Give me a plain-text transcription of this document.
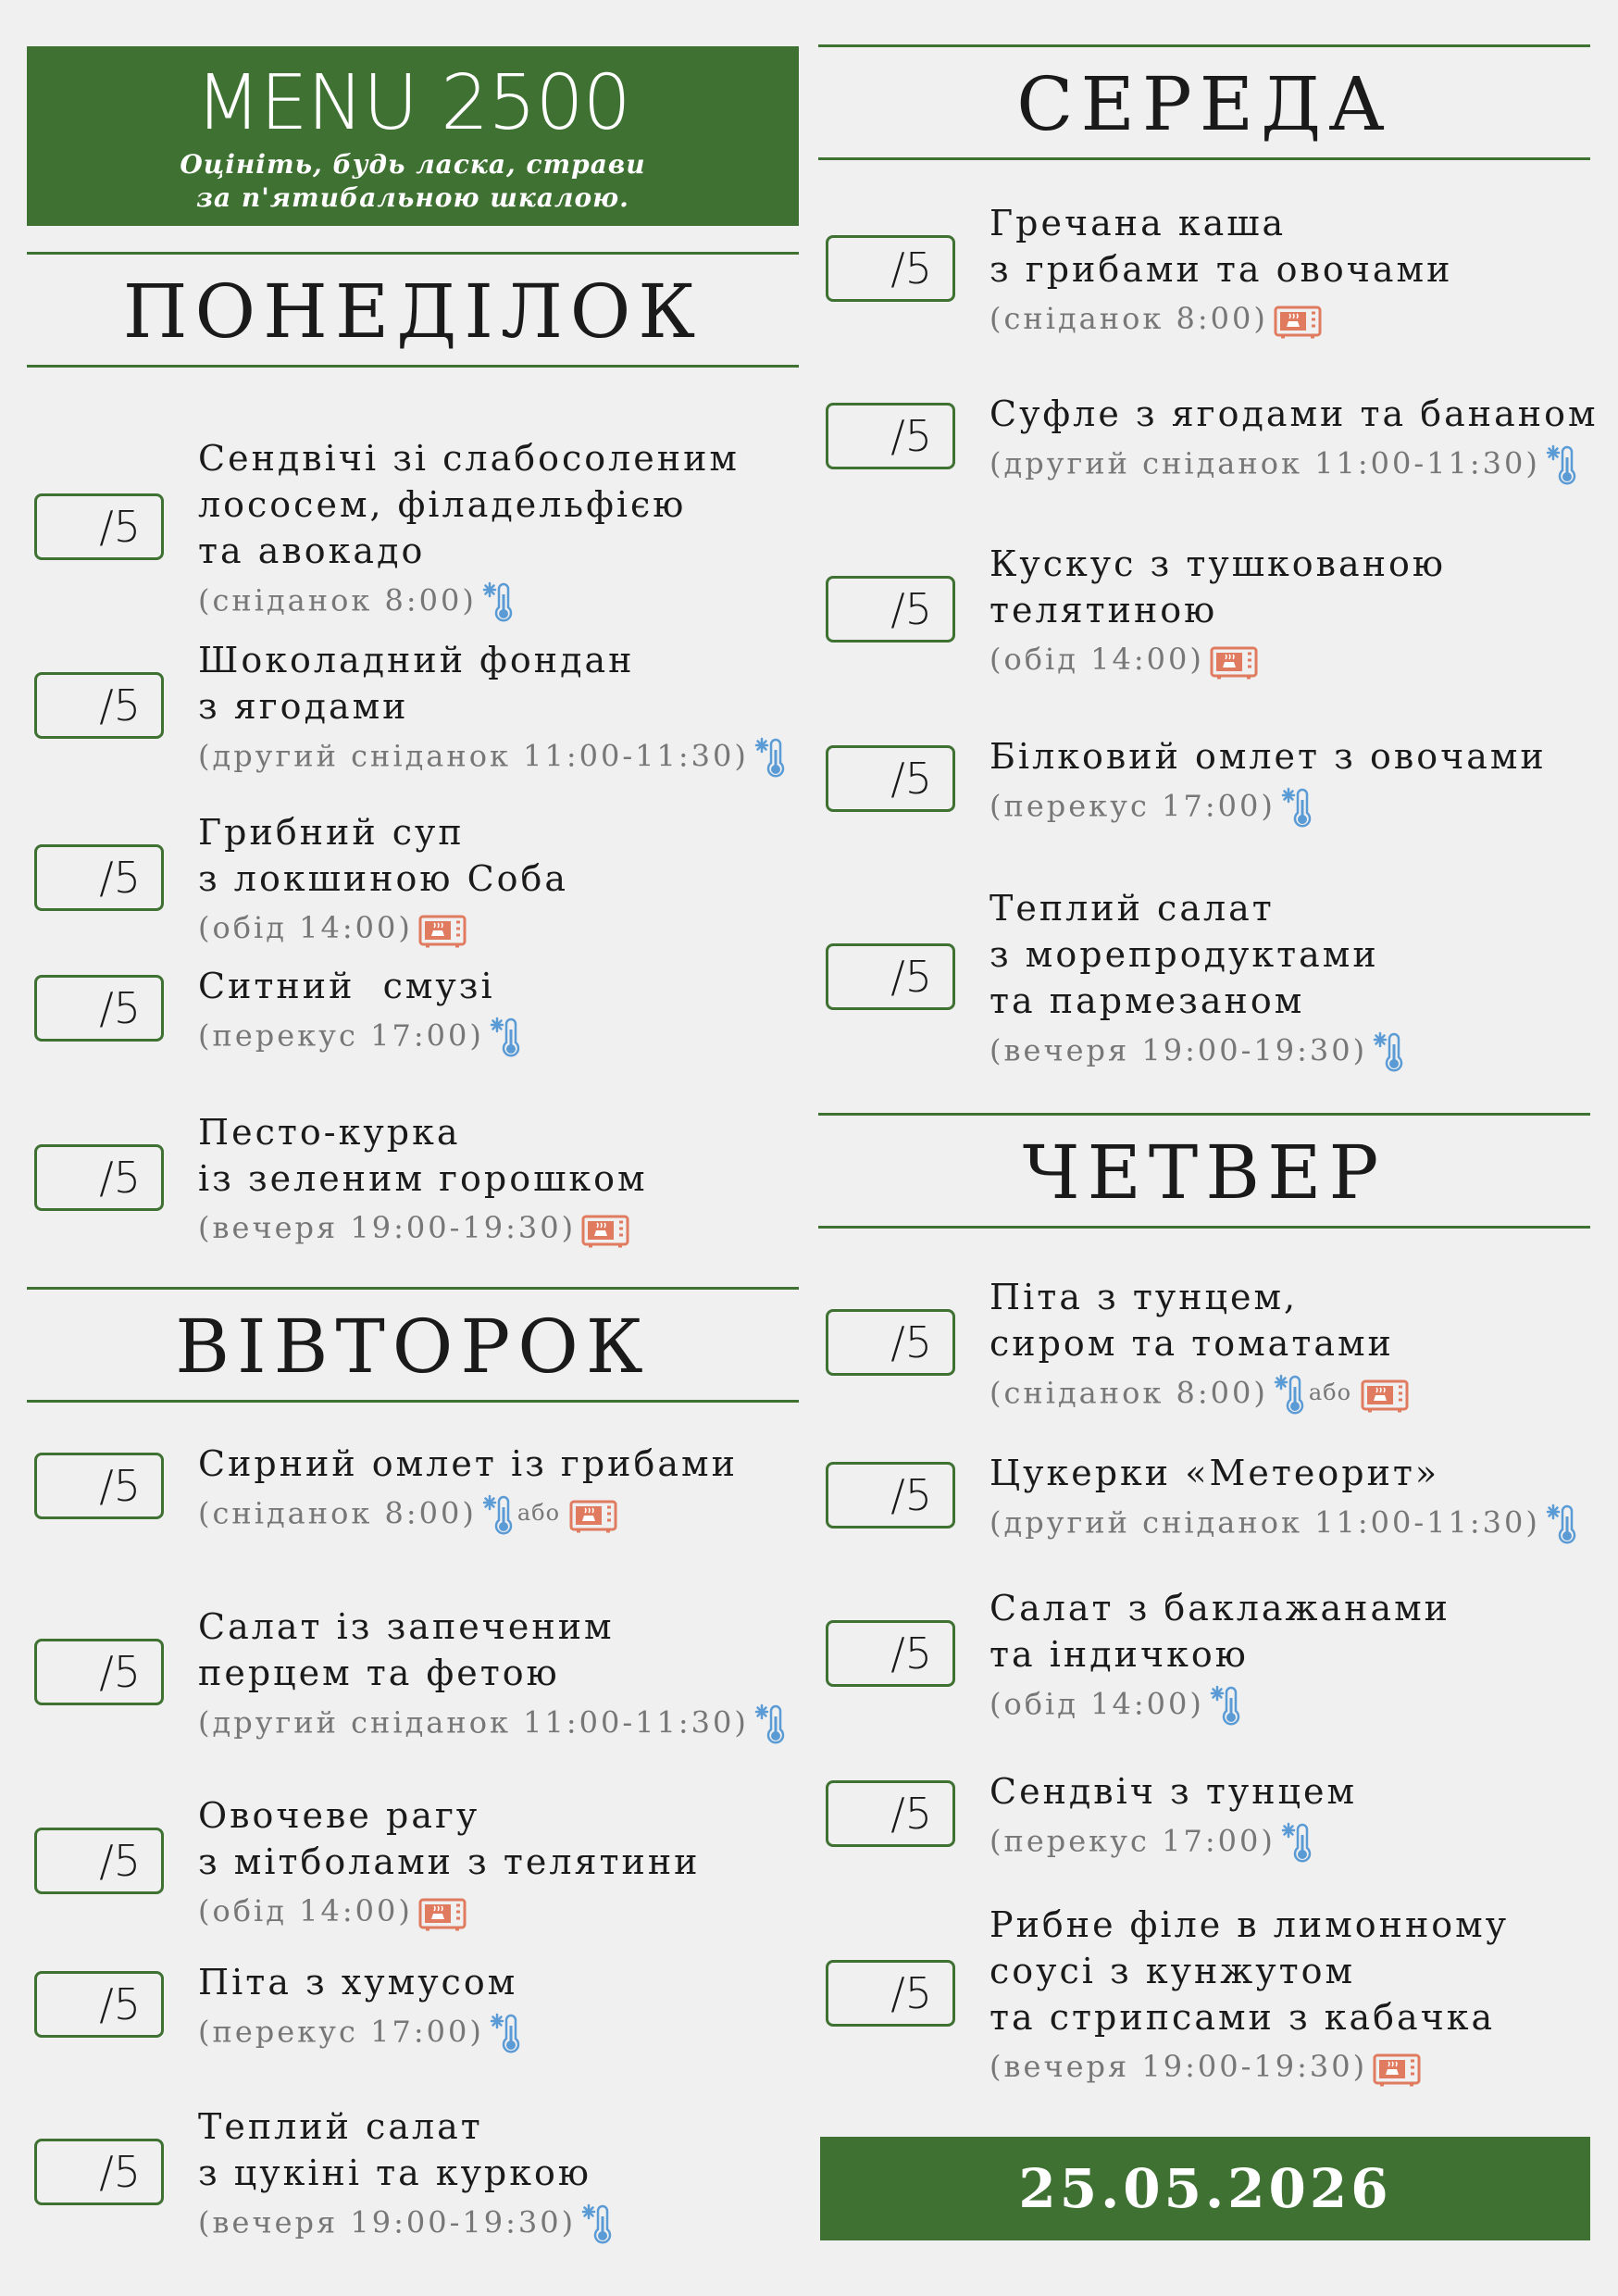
MENU 2500
Оцініть, будь ласка, страви
за п'ятибальною шкалою.
ПОНЕДІЛОК
ВІВТОРОК
/5
Сендвічі зі слабосоленим
лососем, філадельфією
та авокадо
(сніданок 8:00)
/5
Шоколадний фондан
з ягодами
(другий сніданок 11:00-11:30)
/5
Грибний суп
з локшиною Соба
(обід 14:00)
/5	Ситний  смузі
(перекус 17:00)
/5
Песто-курка
із зеленим горошком
(вечеря 19:00-19:30)
/5	Сирний омлет із грибами
(сніданок 8:00) $^{або}$
/5
Салат із запеченим
перцем та фетою
(другий сніданок 11:00-11:30)
/5
Овочеве рагу
з мітболами з телятини
(обід 14:00)
/5	Піта з хумусом
(перекус 17:00)
/5
Теплий салат
з цукіні та куркою
(вечеря 19:00-19:30)
СЕРЕДА
ЧЕТВЕР
25.05.2026
/5
Гречана каша
з грибами та овочами
(сніданок 8:00)
/5	Суфле з ягодами та бананом
(другий сніданок 11:00-11:30)
/5
Кускус з тушкованою
телятиною
(обід 14:00)
/5	Білковий омлет з овочами
(перекус 17:00)
/5
Теплий салат
з морепродуктами
та пармезаном
(вечеря 19:00-19:30)
/5
Піта з тунцем,
сиром та томатами
(сніданок 8:00) $^{або}$
/5	Цукерки «Метеорит»
(другий сніданок 11:00-11:30)
/5
Салат з баклажанами
та індичкою
(обід 14:00)
/5	Сендвіч з тунцем
(перекус 17:00)
/5
Рибне філе в лимонному
соусі з кунжутом
та стрипсами з кабачка
(вечеря 19:00-19:30)
